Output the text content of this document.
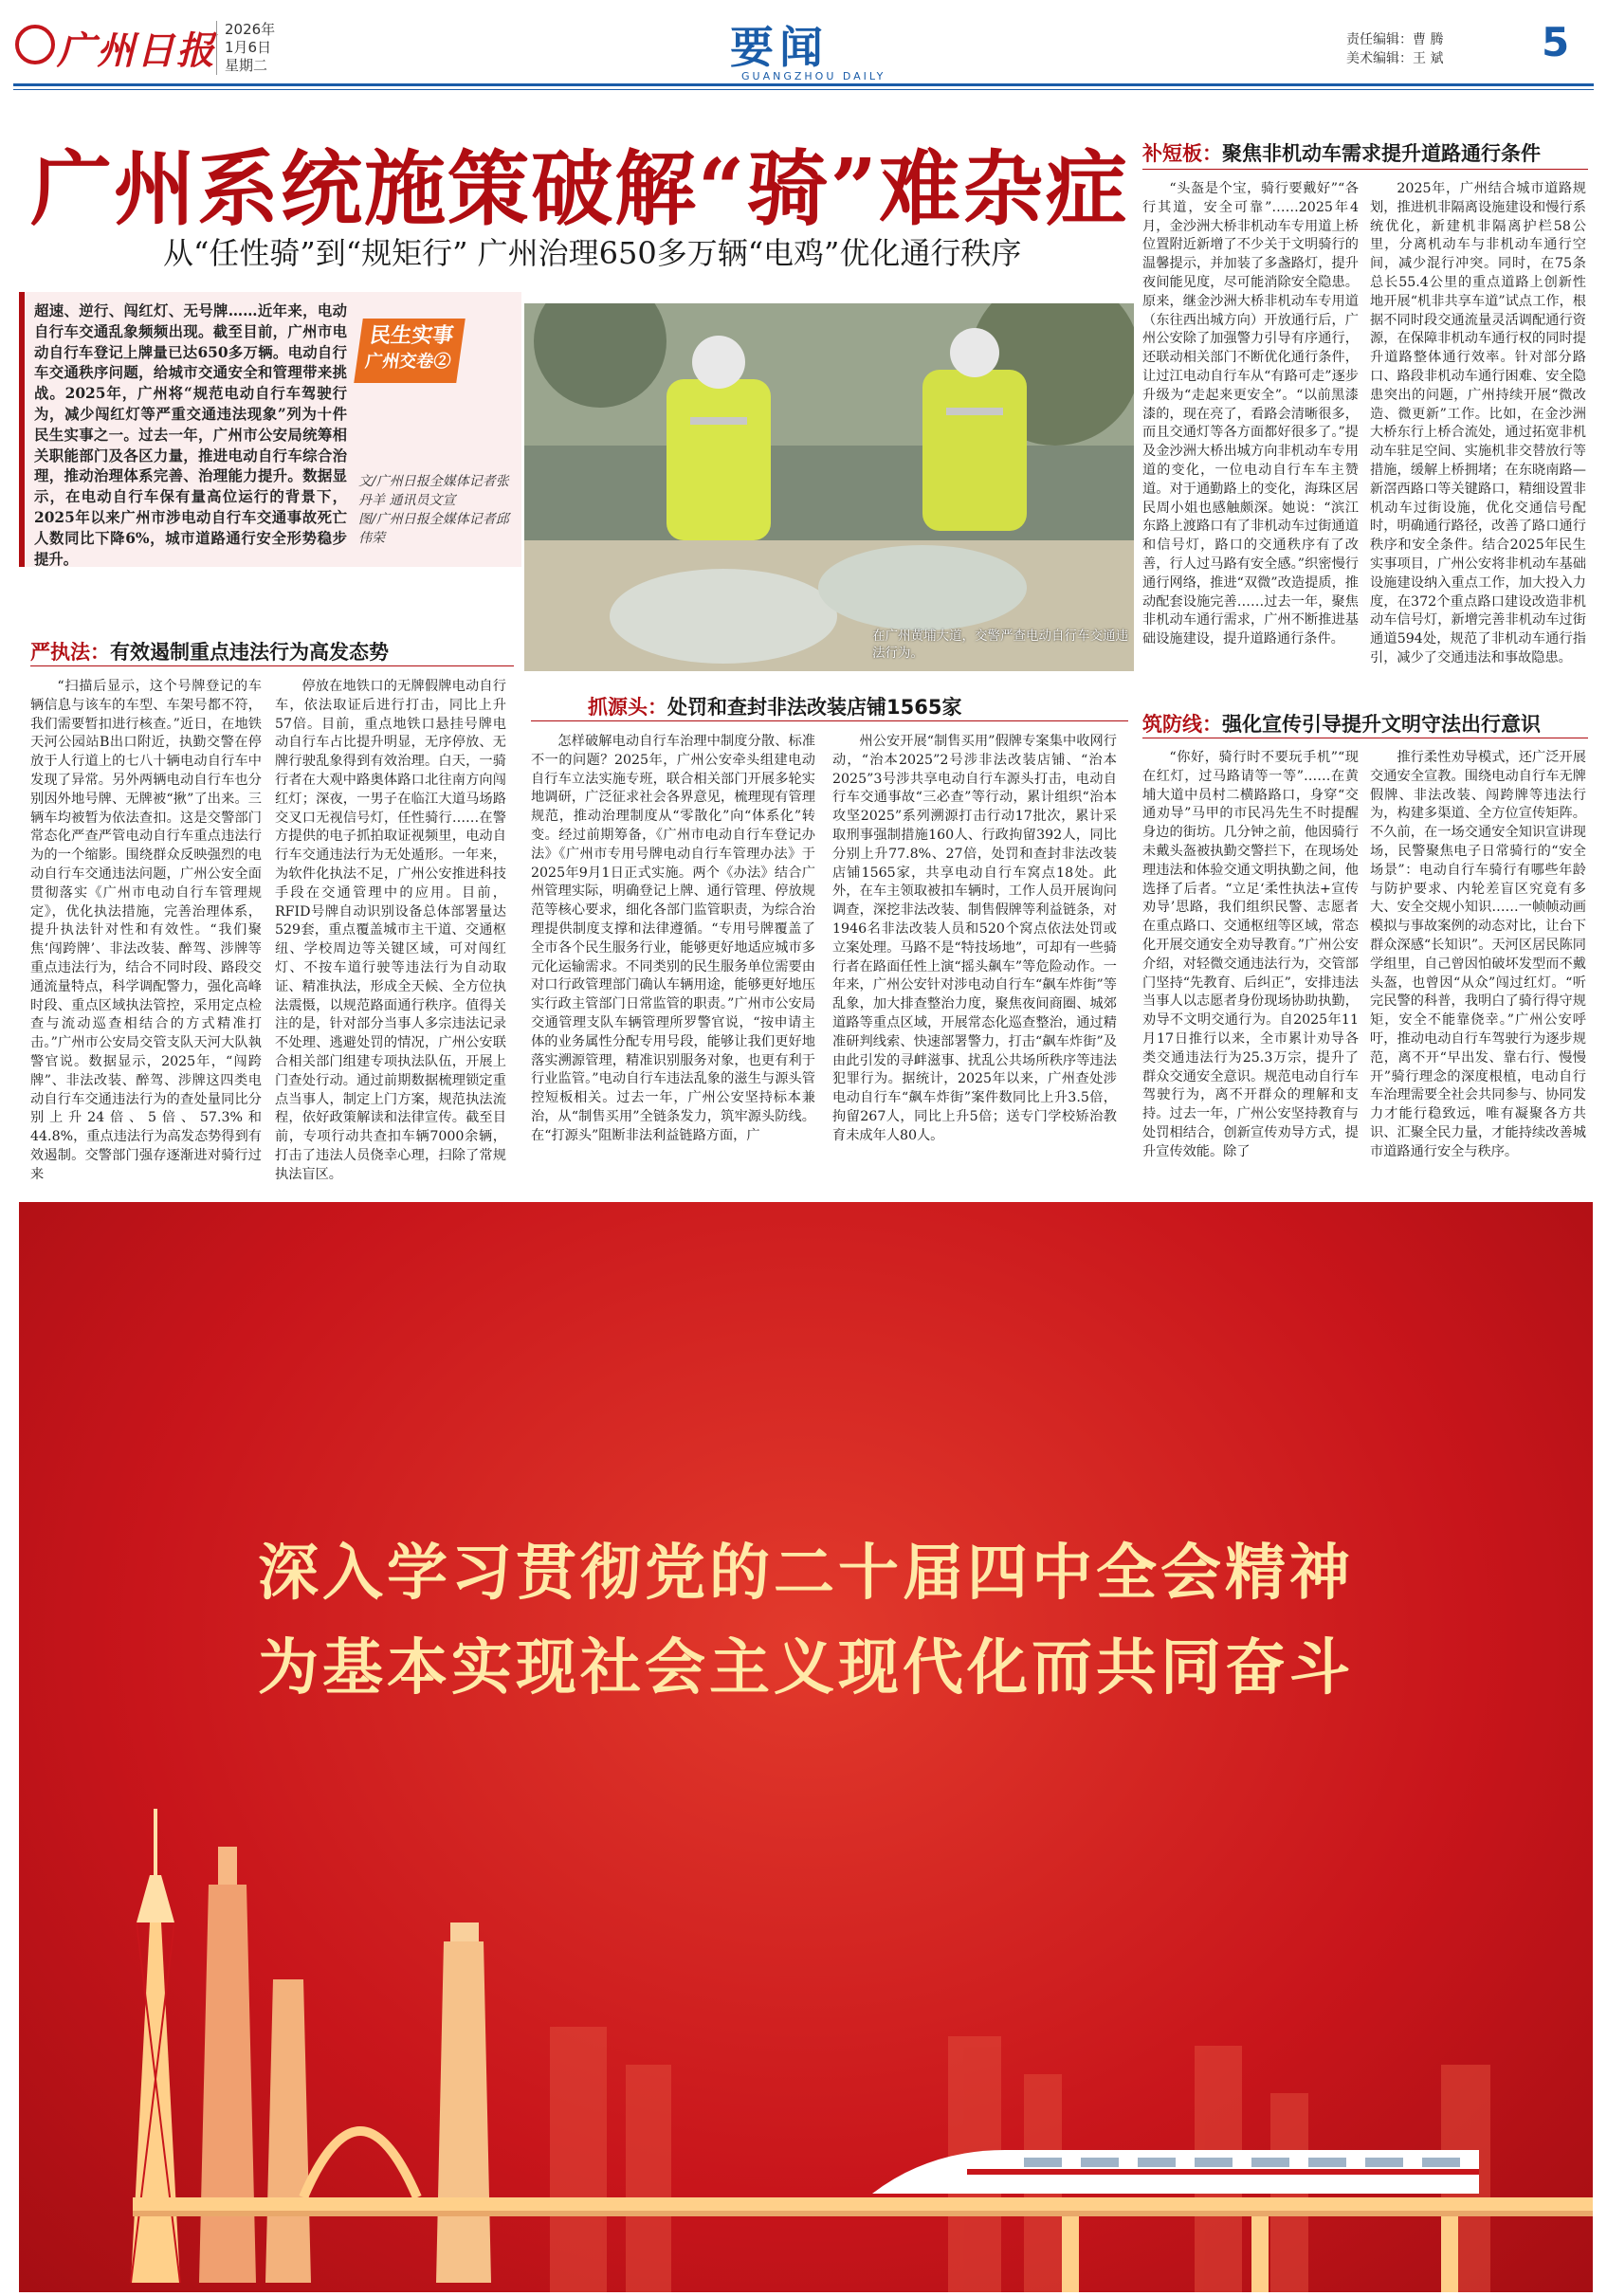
广州日报 2026年
1月6日
星期二	要闻
GUANGZHOU DAILY
责任编辑：曹 腾
美术编辑：王 斌 5
广州系统施策破解“骑”难杂症
从“任性骑”到“规矩行” 广州治理650多万辆“电鸡”优化通行秩序
超速、逆行、闯红灯、无号牌……近年来，电动自行车交通乱象频频出现。截至目前，广州市电动自行车登记上牌量已达650多万辆。电动自行车交通秩序问题，给城市交通安全和管理带来挑战。2025年，广州将“规范电动自行车驾驶行为，减少闯红灯等严重交通违法现象”列为十件民生实事之一。过去一年，广州市公安局统筹相关职能部门及各区力量，推进电动自行车综合治理，推动治理体系完善、治理能力提升。数据显示，在电动自行车保有量高位运行的背景下，2025年以来广州市涉电动自行车交通事故死亡人数同比下降6%，城市道路通行安全形势稳步提升。
民生实事
广州交卷②
文/广州日报全媒体记者张丹羊 通讯员文宣
图/广州日报全媒体记者邱伟荣
在广州黄埔大道，交警严查电动自行车交通违法行为。
严执法：有效遏制重点违法行为高发态势

“扫描后显示，这个号牌登记的车辆信息与该车的车型、车架号都不符，我们需要暂扣进行核查。”近日，在地铁天河公园站B出口附近，执勤交警在停放于人行道上的七八十辆电动自行车中发现了异常。另外两辆电动自行车也分别因外地号牌、无牌被“揪”了出来。三辆车均被暂为依法查扣。这是交警部门常态化严查严管电动自行车重点违法行为的一个缩影。围绕群众反映强烈的电动自行车交通违法问题，广州公安全面贯彻落实《广州市电动自行车管理规定》，优化执法措施，完善治理体系，提升执法针对性和有效性。“我们聚焦‘闯跨牌’、非法改装、醉驾、涉牌等重点违法行为，结合不同时段、路段交通流量特点，科学调配警力，强化高峰时段、重点区域执法管控，采用定点检查与流动巡查相结合的方式精准打击。”广州市公安局交管支队天河大队執警官说。数据显示，2025年，“闯跨牌”、非法改装、醉驾、涉牌这四类电动自行车交通违法行为的查处量同比分别上升24倍、5倍、57.3%和44.8%，重点违法行为高发态势得到有效遏制。交警部门强存逐渐进对骑行过来

停放在地铁口的无牌假牌电动自行车，依法取证后进行打击，同比上升57倍。目前，重点地铁口悬挂号牌电动自行车占比提升明显，无序停放、无牌行驶乱象得到有效治理。白天，一骑行者在大观中路奥体路口北往南方向闯红灯；深夜，一男子在临江大道马场路交叉口无视信号灯，任性骑行……在警方提供的电子抓拍取证视频里，电动自行车交通违法行为无处遁形。一年来，为软件化执法不足，广州公安推进科技手段在交通管理中的应用。目前，RFID号牌自动识别设备总体部署量达529套，重点覆盖城市主干道、交通枢纽、学校周边等关键区域，可对闯红灯、不按车道行驶等违法行为自动取证、精准执法，形成全天候、全方位执法震慑，以规范路面通行秩序。值得关注的是，针对部分当事人多宗违法记录不处理、逃避处罚的情况，广州公安联合相关部门组建专项执法队伍，开展上门查处行动。通过前期数据梳理锁定重点当事人，制定上门方案，规范执法流程，依好政策解读和法律宣传。截至目前，专项行动共查扣车辆7000余辆，打击了违法人员侥幸心理，扫除了常规执法盲区。

抓源头：处罚和查封非法改装店铺1565家

怎样破解电动自行车治理中制度分散、标准不一的问题？2025年，广州公安牵头组建电动自行车立法实施专班，联合相关部门开展多轮实地调研，广泛征求社会各界意见，梳理现有管理规范，推动治理制度从“零散化”向“体系化”转变。经过前期筹备，《广州市电动自行车登记办法》《广州市专用号牌电动自行车管理办法》于2025年9月1日正式实施。两个《办法》结合广州管理实际，明确登记上牌、通行管理、停放规范等核心要求，细化各部门监管职责，为综合治理提供制度支撑和法律遵循。“专用号牌覆盖了全市各个民生服务行业，能够更好地适应城市多元化运输需求。不同类别的民生服务单位需要由对口行政管理部门确认车辆用途，能够更好地压实行政主管部门日常监管的职责。”广州市公安局交通管理支队车辆管理所罗警官说，“按申请主体的业务属性分配专用号段，能够让我们更好地落实溯源管理，精准识别服务对象，也更有利于行业监管。”电动自行车违法乱象的滋生与源头管控短板相关。过去一年，广州公安坚持标本兼治，从“制售买用”全链条发力，筑牢源头防线。在“打源头”阻断非法利益链路方面，广

州公安开展“制售买用”假牌专案集中收网行动，“治本2025”2号涉非法改装店铺、“治本2025”3号涉共享电动自行车源头打击，电动自行车交通事故“三必查”等行动，累计组织“治本攻坚2025”系列溯源打击行动17批次，累计采取刑事强制措施160人、行政拘留392人，同比分别上升77.8%、27倍，处罚和查封非法改装店铺1565家，共享电动自行车窝点18处。此外，在车主领取被扣车辆时，工作人员开展询问调查，深挖非法改装、制售假牌等利益链条，对1946名非法改装人员和520个窝点依法处罚或立案处理。马路不是“特技场地”，可却有一些骑行者在路面任性上演“摇头飙车”等危险动作。一年来，广州公安针对涉电动自行车“飙车炸街”等乱象，加大排查整治力度，聚焦夜间商圈、城郊道路等重点区域，开展常态化巡查整治，通过精准研判线索、快速部署警力，打击“飙车炸街”及由此引发的寻衅滋事、扰乱公共场所秩序等违法犯罪行为。据统计，2025年以来，广州查处涉电动自行车“飙车炸街”案件数同比上升3.5倍，拘留267人，同比上升5倍；送专门学校矫治教育未成年人80人。

补短板：聚焦非机动车需求提升道路通行条件

“头盔是个宝，骑行要戴好”“各行其道，安全可靠”……2025年4月，金沙洲大桥非机动车专用道上桥位置附近新增了不少关于文明骑行的温馨提示，并加装了多盏路灯，提升夜间能见度，尽可能消除安全隐患。原来，继金沙洲大桥非机动车专用道（东往西出城方向）开放通行后，广州公安除了加强警力引导有序通行，还联动相关部门不断优化通行条件，让过江电动自行车从“有路可走”逐步升级为“走起来更安全”。“以前黑漆漆的，现在亮了，看路会清晰很多，而且交通灯等各方面都好很多了。”提及金沙洲大桥出城方向非机动车专用道的变化，一位电动自行车车主赞道。对于通勤路上的变化，海珠区居民周小姐也感触颇深。她说：“滨江东路上渡路口有了非机动车过街通道和信号灯，路口的交通秩序有了改善，行人过马路有安全感。”织密慢行通行网络，推进“双微”改造提质，推动配套设施完善……过去一年，聚焦非机动车通行需求，广州不断推进基础设施建设，提升道路通行条件。

2025年，广州结合城市道路规划，推进机非隔离设施建设和慢行系统优化，新建机非隔离护栏58公里，分离机动车与非机动车通行空间，减少混行冲突。同时，在75条总长55.4公里的重点道路上创新性地开展“机非共享车道”试点工作，根据不同时段交通流量灵活调配通行资源，在保障非机动车通行权的同时提升道路整体通行效率。针对部分路口、路段非机动车通行困难、安全隐患突出的问题，广州持续开展“微改造、微更新”工作。比如，在金沙洲大桥东行上桥合流处，通过拓宽非机动车驻足空间、实施机非交替放行等措施，缓解上桥拥堵；在东晓南路—新滘西路口等关键路口，精细设置非机动车过街设施，优化交通信号配时，明确通行路径，改善了路口通行秩序和安全条件。结合2025年民生实事项目，广州公安将非机动车基础设施建设纳入重点工作，加大投入力度，在372个重点路口建设改造非机动车信号灯，新增完善非机动车过街通道594处，规范了非机动车通行指引，减少了交通违法和事故隐患。

筑防线：强化宣传引导提升文明守法出行意识

“你好，骑行时不要玩手机”“现在红灯，过马路请等一等”……在黄埔大道中员村二横路路口，身穿“交通劝导”马甲的市民冯先生不时提醒身边的街坊。几分钟之前，他因骑行未戴头盔被执勤交警拦下，在现场处理违法和体验交通文明执勤之间，他选择了后者。“立足‘柔性执法+宣传劝导’思路，我们组织民警、志愿者在重点路口、交通枢纽等区域，常态化开展交通安全劝导教育。”广州公安介绍，对轻微交通违法行为，交管部门坚持“先教育、后纠正”，安排违法当事人以志愿者身份现场协助执勤，劝导不文明交通行为。自2025年11月17日推行以来，全市累计劝导各类交通违法行为25.3万宗，提升了群众交通安全意识。规范电动自行车驾驶行为，离不开群众的理解和支持。过去一年，广州公安坚持教育与处罚相结合，创新宣传劝导方式，提升宣传效能。除了

推行柔性劝导模式，还广泛开展交通安全宣教。围绕电动自行车无牌假牌、非法改装、闯跨牌等违法行为，构建多渠道、全方位宣传矩阵。不久前，在一场交通安全知识宣讲现场，民警聚焦电子日常骑行的“安全场景”：电动自行车骑行有哪些年龄与防护要求、内轮差盲区究竟有多大、安全交规小知识……一帧帧动画模拟与事故案例的动态对比，让台下群众深感“长知识”。天河区居民陈同学组里，自己曾因怕破坏发型而不戴头盔，也曾因“从众”闯过红灯。“听完民警的科普，我明白了骑行得守规矩，安全不能靠侥幸。”广州公安呼吁，推动电动自行车驾驶行为逐步规范，离不开“早出发、靠右行、慢慢开”骑行理念的深度根植，电动自行车治理需要全社会共同参与、协同发力才能行稳致远，唯有凝聚各方共识、汇聚全民力量，才能持续改善城市道路通行安全与秩序。

深入学习贯彻党的二十届四中全会精神
为基本实现社会主义现代化而共同奋斗
